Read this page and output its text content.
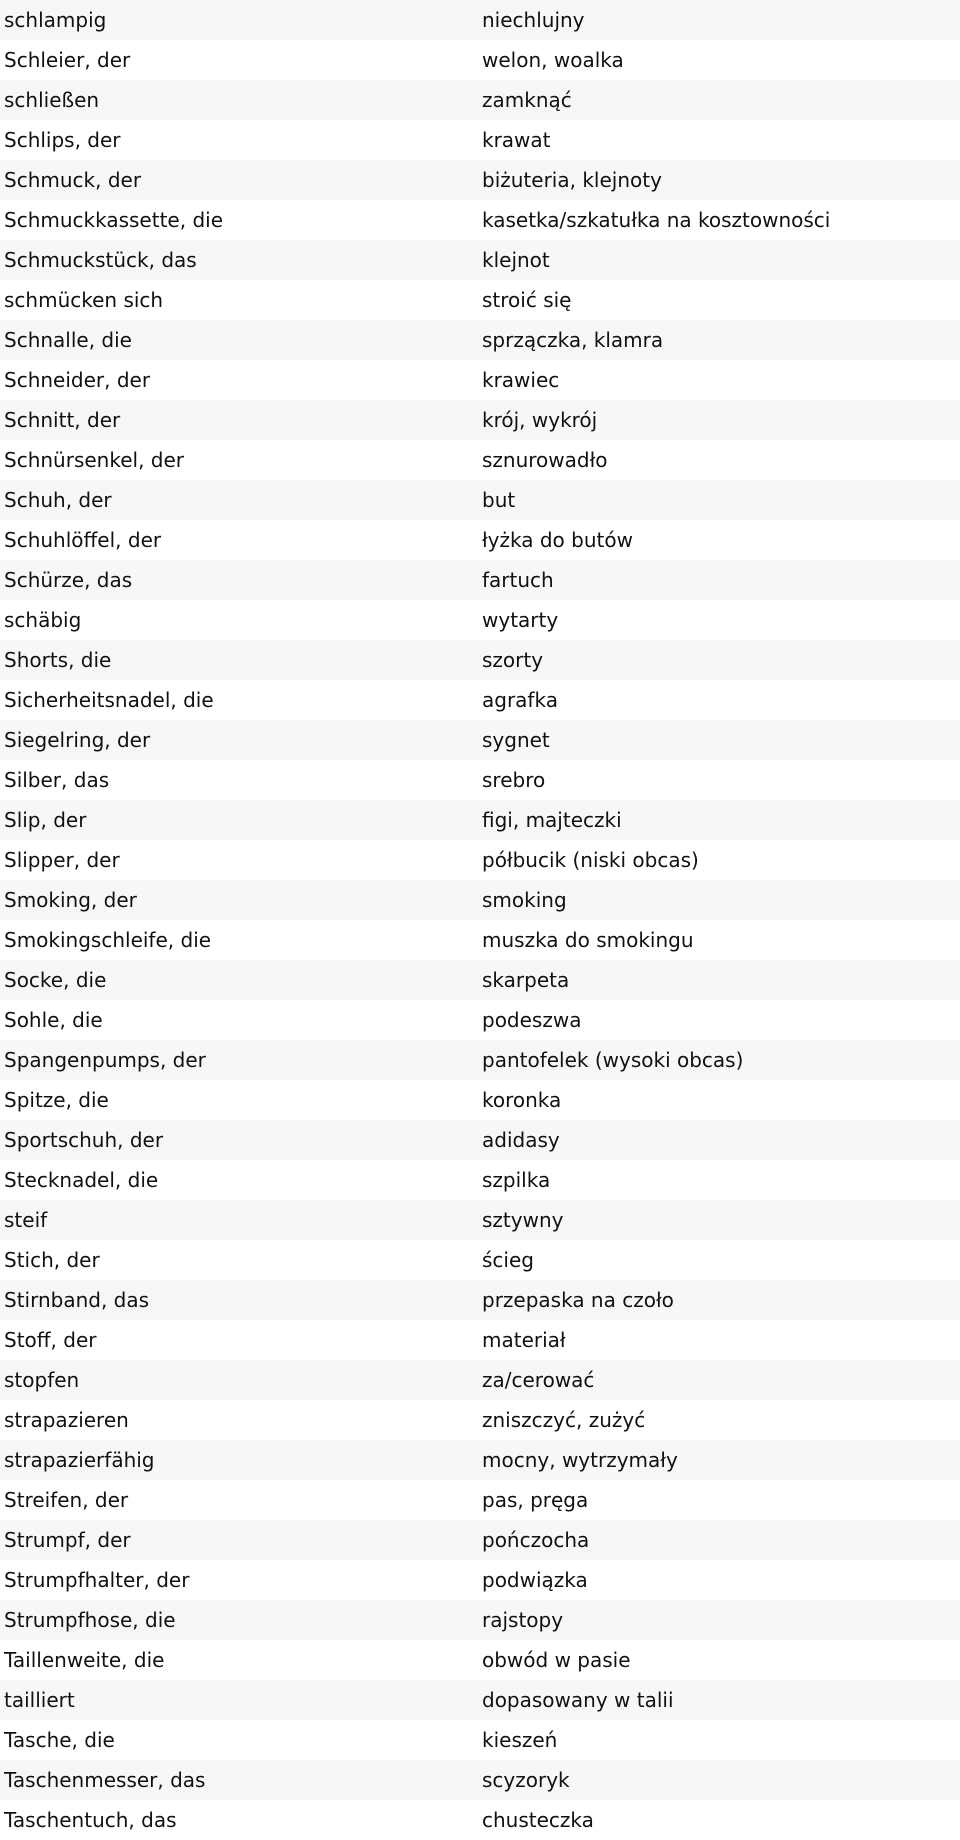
schlampig	niechlujny
Schleier, der	welon, woalka
schließen	zamknąć
Schlips, der	krawat
Schmuck, der	biżuteria, klejnoty
Schmuckkassette, die	kasetka/szkatułka na kosztowności
Schmuckstück, das	klejnot
schmücken sich	stroić się
Schnalle, die	sprzączka, klamra
Schneider, der	krawiec
Schnitt, der	krój, wykrój
Schnürsenkel, der	sznurowadło
Schuh, der	but
Schuhlöffel, der	łyżka do butów
Schürze, das	fartuch
schäbig	wytarty
Shorts, die	szorty
Sicherheitsnadel, die	agrafka
Siegelring, der	sygnet
Silber, das	srebro
Slip, der	figi, majteczki
Slipper, der	półbucik (niski obcas)
Smoking, der	smoking
Smokingschleife, die	muszka do smokingu
Socke, die	skarpeta
Sohle, die	podeszwa
Spangenpumps, der	pantofelek (wysoki obcas)
Spitze, die	koronka
Sportschuh, der	adidasy
Stecknadel, die	szpilka
steif	sztywny
Stich, der	ścieg
Stirnband, das	przepaska na czoło
Stoff, der	materiał
stopfen	za/cerować
strapazieren	zniszczyć, zużyć
strapazierfähig	mocny, wytrzymały
Streifen, der	pas, pręga
Strumpf, der	pończocha
Strumpfhalter, der	podwiązka
Strumpfhose, die	rajstopy
Taillenweite, die	obwód w pasie
tailliert	dopasowany w talii
Tasche, die	kieszeń
Taschenmesser, das	scyzoryk
Taschentuch, das	chusteczka
